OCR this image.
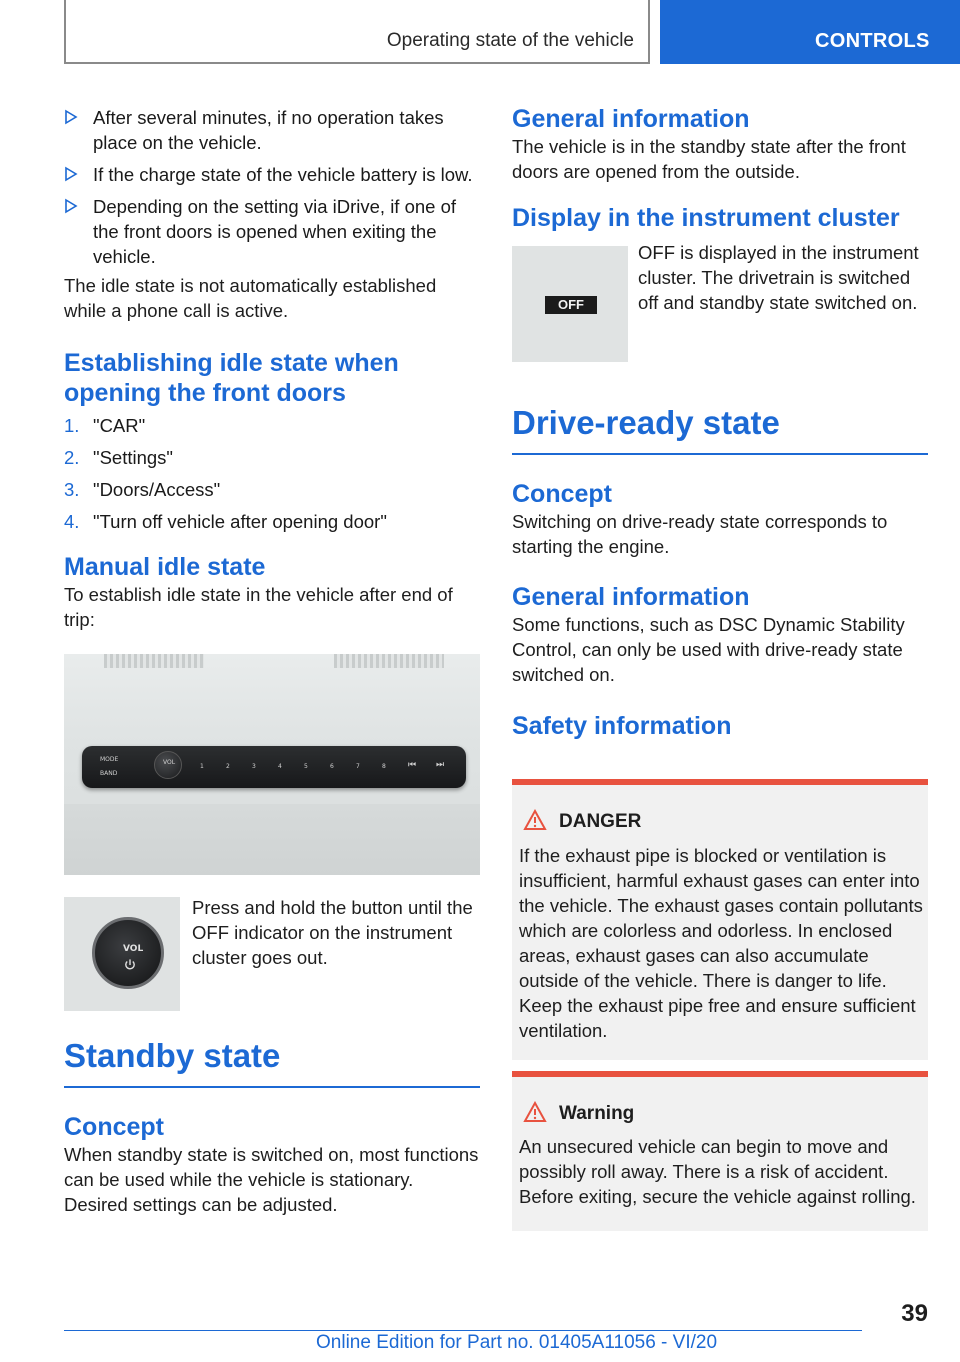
Operating state of the vehicle	CONTROLS
After several minutes, if no operation takes place on the vehicle.
If the charge state of the vehicle battery is low.
Depending on the setting via iDrive, if one of the front doors is opened when exiting the vehicle.

The idle state is not automatically established while a phone call is active.

Establishing idle state when opening the front doors
1. "CAR"
2. "Settings"
3. "Doors/Access"
4. "Turn off vehicle after opening door"
Manual idle state

To establish idle state in the vehicle after end of trip:

MODE
BAND
VOL
1	2	3	4	5	6	7	8 ⏮ ⏭
VOL

Press and hold the button until the OFF indicator on the instrument cluster goes out.

Standby state
Concept

When standby state is switched on, most functions can be used while the vehicle is stationary. Desired settings can be adjusted.

General information

The vehicle is in the standby state after the front doors are opened from the outside.

Display in the instrument cluster
OFF

OFF is displayed in the instrument cluster. The drivetrain is switched off and standby state switched on.

Drive-ready state
Concept

Switching on drive-ready state corresponds to starting the engine.

General information

Some functions, such as DSC Dynamic Stability Control, can only be used with drive-ready state switched on.

Safety information
DANGER

If the exhaust pipe is blocked or ventilation is insufficient, harmful exhaust gases can enter into the vehicle. The exhaust gases contain pollutants which are colorless and odorless. In enclosed areas, exhaust gases can also accumulate outside of the vehicle. There is danger to life. Keep the exhaust pipe free and ensure sufficient ventilation.

Warning

An unsecured vehicle can begin to move and possibly roll away. There is a risk of accident. Before exiting, secure the vehicle against rolling.

39
Online Edition for Part no. 01405A11056 - VI/20
